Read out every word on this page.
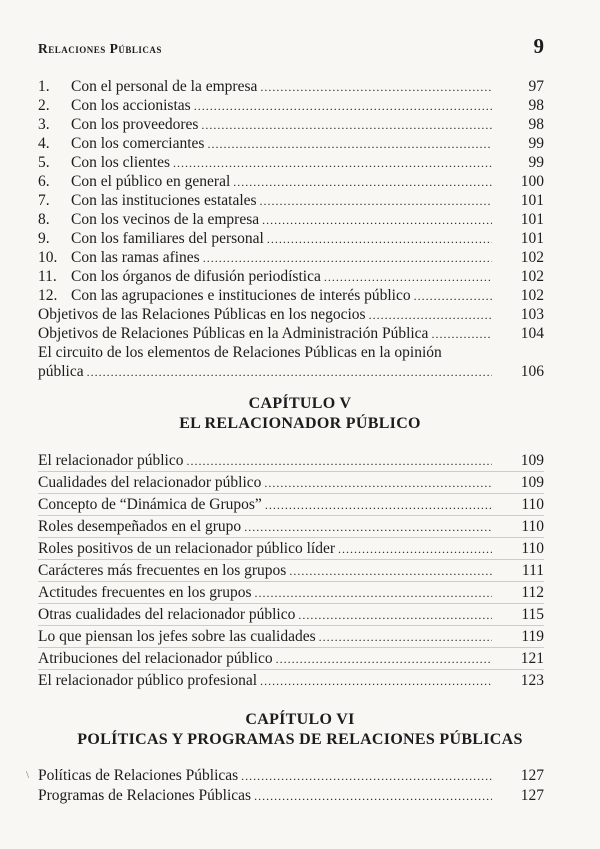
Relaciones Públicas	9
1.	Con el personal de la empresa . . .	97
2.	Con los accionistas . . .	98
3.	Con los proveedores . . .	98
4.	Con los comerciantes . . .	99
5.	Con los clientes . . .	99
6.	Con el público en general . . .	100
7.	Con las instituciones estatales . . .	101
8.	Con los vecinos de la empresa . . .	101
9.	Con los familiares del personal . . .	101
10. Con las ramas afines . . .	102
11. Con los órganos de difusión periodística . . .	102
12. Con las agrupaciones e instituciones de interés público . . .	102
Objetivos de las Relaciones Públicas en los negocios . . .	103
Objetivos de Relaciones Públicas en la Administración Pública . . .	104
El circuito de los elementos de Relaciones Públicas en la opinión
pública . . .	106
CAPÍTULO V
EL RELACIONADOR PÚBLICO
El relacionador público . . .	109
Cualidades del relacionador público . . .	109
Concepto de “Dinámica de Grupos” . . .	110
Roles desempeñados en el grupo . . .	110
Roles positivos de un relacionador público líder . . .	110
Carácteres más frecuentes en los grupos . . .	111
Actitudes frecuentes en los grupos . . .	112
Otras cualidades del relacionador público . . .	115
Lo que piensan los jefes sobre las cualidades . . .	119
Atribuciones del relacionador público . . .	121
El relacionador público profesional . . .	123
CAPÍTULO VI
POLÍTICAS Y PROGRAMAS DE RELACIONES PÚBLICAS
\ Políticas de Relaciones Públicas . . .	127
Programas de Relaciones Públicas . . .	127
